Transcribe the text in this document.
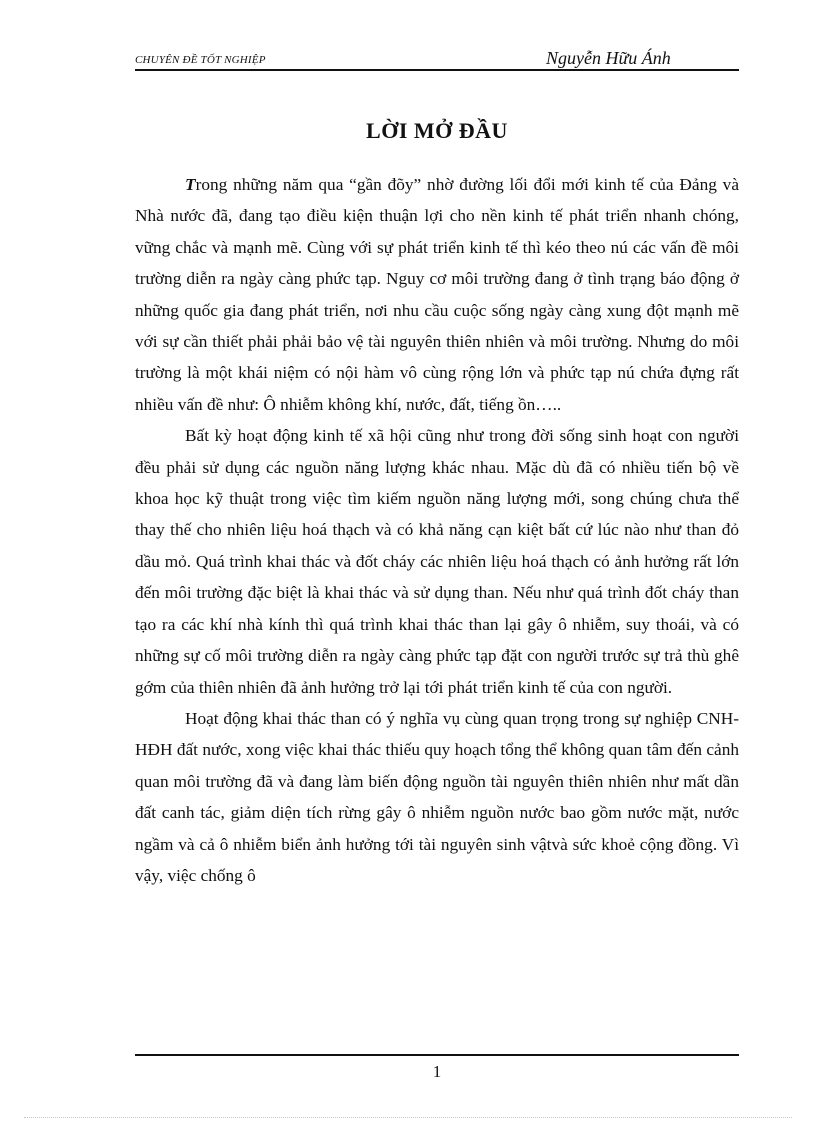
CHUYÊN ĐỀ TỐT NGHIỆP	Nguyễn Hữu Ánh
LỜI MỞ ĐẦU

Trong những năm qua “gần đõy” nhờ đường lối đổi mới kinh tế của Đảng và Nhà nước đã, đang tạo điều kiện thuận lợi cho nền kinh tế phát triển nhanh chóng, vững chắc và mạnh mẽ. Cùng với sự phát triển kinh tế thì kéo theo nú các vấn đề môi trường diễn ra ngày càng phức tạp. Nguy cơ môi trường đang ở tình trạng báo động ở những quốc gia đang phát triển, nơi nhu cầu cuộc sống ngày càng xung đột mạnh mẽ với sự cần thiết phải phải bảo vệ tài nguyên thiên nhiên và môi trường. Nhưng do môi trường là một khái niệm có nội hàm vô cùng rộng lớn và phức tạp nú chứa đựng rất nhiều vấn đề như: Ô nhiễm không khí, nước, đất, tiếng ồn…..

Bất kỳ hoạt động kinh tế xã hội cũng như trong đời sống sinh hoạt con người đều phải sử dụng các nguồn năng lượng khác nhau. Mặc dù đã có nhiều tiến bộ về khoa học kỹ thuật trong việc tìm kiếm nguồn năng lượng mới, song chúng chưa thể thay thế cho nhiên liệu hoá thạch và có khả năng cạn kiệt bất cứ lúc nào như than đỏ dầu mỏ. Quá trình khai thác và đốt cháy các nhiên liệu hoá thạch có ảnh hưởng rất lớn đến môi trường đặc biệt là khai thác và sử dụng than. Nếu như quá trình đốt cháy than tạo ra các khí nhà kính thì quá trình khai thác than lại gây ô nhiễm, suy thoái, và có những sự cố môi trường diễn ra ngày càng phức tạp đặt con người trước sự trả thù ghê gớm của thiên nhiên đã ảnh hưởng trở lại tới phát triển kinh tế của con người.

Hoạt động khai thác than có ý nghĩa vụ cùng quan trọng trong sự nghiệp CNH- HĐH đất nước, xong việc khai thác thiếu quy hoạch tổng thể không quan tâm đến cảnh quan môi trường đã và đang làm biến động nguồn tài nguyên thiên nhiên như mất dần đất canh tác, giảm diện tích rừng gây ô nhiễm nguồn nước bao gồm nước mặt, nước ngầm và cả ô nhiễm biển ảnh hưởng tới tài nguyên sinh vậtvà sức khoẻ cộng đồng. Vì vậy, việc chống ô

1
